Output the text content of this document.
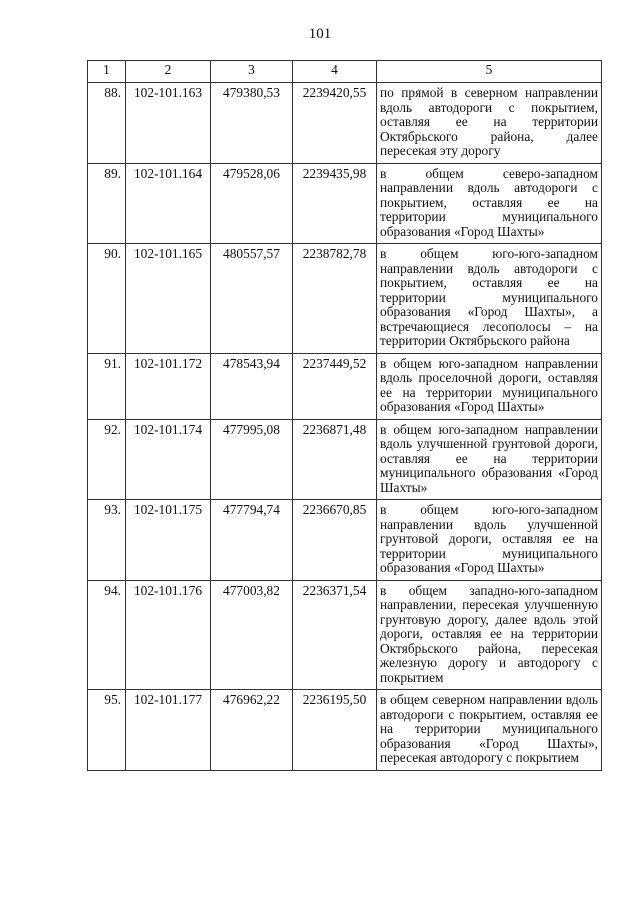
101
1	2	3	4	5
88.	102-101.163	479380,53	2239420,55	по прямой в северном направлении вдоль автодороги с покрытием, оставляя ее на территории Октябрьского района, далее пересекая эту дорогу
89.	102-101.164	479528,06	2239435,98	в общем северо-западном направлении вдоль автодороги с покрытием, оставляя ее на территории муниципального образования «Город Шахты»
90.	102-101.165	480557,57	2238782,78	в общем юго-юго-западном направлении вдоль автодороги с покрытием, оставляя ее на территории муниципального образования «Город Шахты», а встречающиеся лесополосы – на территории Октябрьского района
91.	102-101.172	478543,94	2237449,52	в общем юго-западном направлении вдоль проселочной дороги, оставляя ее на территории муниципального образования «Город Шахты»
92.	102-101.174	477995,08	2236871,48	в общем юго-западном направлении вдоль улучшенной грунтовой дороги, оставляя ее на территории муниципального образования «Город Шахты»
93.	102-101.175	477794,74	2236670,85	в общем юго-юго-западном направлении вдоль улучшенной грунтовой дороги, оставляя ее на территории муниципального образования «Город Шахты»
94.	102-101.176	477003,82	2236371,54	в общем западно-юго-западном направлении, пересекая улучшенную грунтовую дорогу, далее вдоль этой дороги, оставляя ее на территории Октябрьского района, пересекая железную дорогу и автодорогу с покрытием
95.	102-101.177	476962,22	2236195,50	в общем северном направлении вдоль автодороги с покрытием, оставляя ее на территории муниципального образования «Город Шахты», пересекая автодорогу с покрытием
